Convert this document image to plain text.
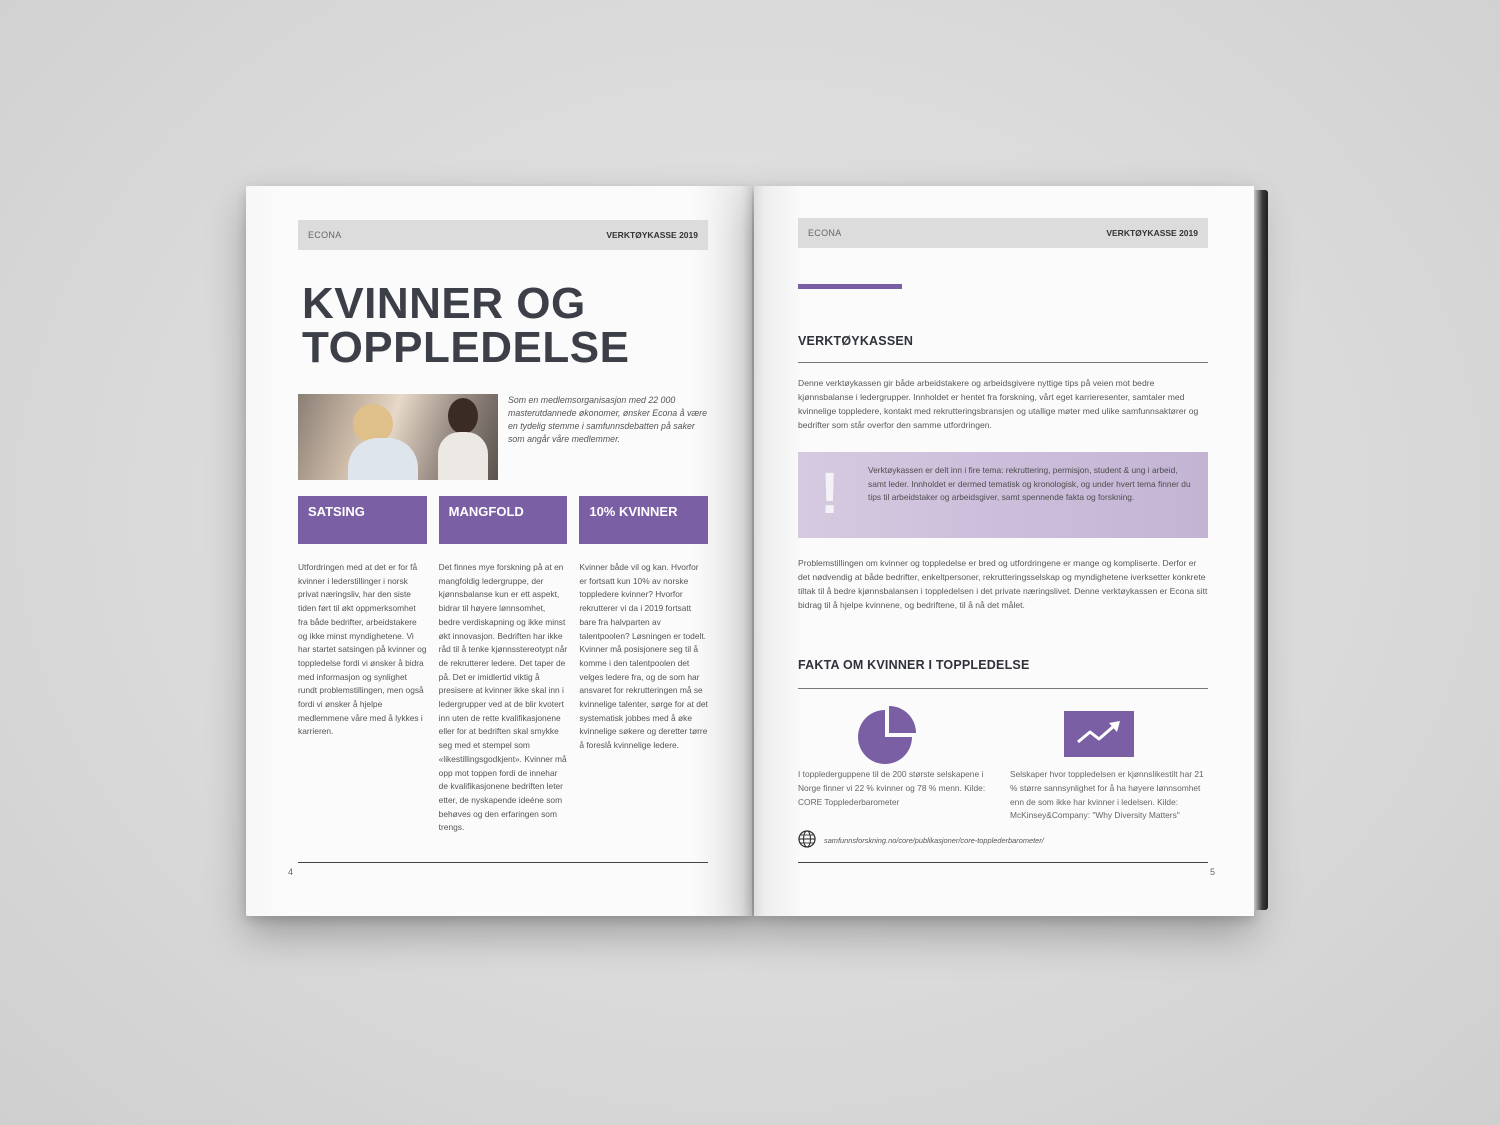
ECONA	VERKTØYKASSE 2019
KVINNER OG
TOPPLEDELSE

Som en medlemsorganisasjon med 22 000 masterutdannede økonomer, ønsker Econa å være en tydelig stemme i samfunnsdebatten på saker som angår våre medlemmer.

SATSING	MANGFOLD	10% KVINNER

Utfordringen med at det er for få kvinner i lederstillinger i norsk privat næringsliv, har den siste tiden ført til økt oppmerksomhet fra både bedrifter, arbeidstakere og ikke minst myndighetene. Vi har startet satsingen på kvinner og toppledelse fordi vi ønsker å bidra med informasjon og synlighet rundt problemstillingen, men også fordi vi ønsker å hjelpe medlemmene våre med å lykkes i karrieren.

Det finnes mye forskning på at en mangfoldig ledergruppe, der kjønnsbalanse kun er ett aspekt, bidrar til høyere lønnsomhet, bedre verdiskapning og ikke minst økt innovasjon. Bedriften har ikke råd til å tenke kjønnsstereotypt når de rekrutterer ledere. Det taper de på. Det er imidlertid viktig å presisere at kvinner ikke skal inn i ledergrupper ved at de blir kvotert inn uten de rette kvalifikasjonene eller for at bedriften skal smykke seg med et stempel som «likestillingsgodkjent». Kvinner må opp mot toppen fordi de innehar de kvalifikasjonene bedriften leter etter, de nyskapende ideéne som behøves og den erfaringen som trengs.

Kvinner både vil og kan. Hvorfor er fortsatt kun 10% av norske toppledere kvinner? Hvorfor rekrutterer vi da i 2019 fortsatt bare fra halvparten av talentpoolen? Løsningen er todelt. Kvinner må posisjonere seg til å komme i den talentpoolen det velges ledere fra, og de som har ansvaret for rekrutteringen må se kvinnelige talenter, sørge for at det systematisk jobbes med å øke kvinnelige søkere og deretter tørre å foreslå kvinnelige ledere.

4
ECONA	VERKTØYKASSE 2019
VERKTØYKASSEN

Denne verktøykassen gir både arbeidstakere og arbeidsgivere nyttige tips på veien mot bedre kjønnsbalanse i ledergrupper. Innholdet er hentet fra forskning, vårt eget karrieresenter, samtaler med kvinnelige toppledere, kontakt med rekrutteringsbransjen og utallige møter med ulike samfunnsaktører og bedrifter som står overfor den samme utfordringen.

!	Verktøykassen er delt inn i fire tema: rekruttering, permisjon, student & ung i arbeid, samt leder. Innholdet er dermed tematisk og kronologisk, og under hvert tema finner du tips til arbeidstaker og arbeidsgiver, samt spennende fakta og forskning.

Problemstillingen om kvinner og toppledelse er bred og utfordringene er mange og kompliserte. Derfor er det nødvendig at både bedrifter, enkeltpersoner, rekrutteringsselskap og myndighetene iverksetter konkrete tiltak til å bedre kjønnsbalansen i toppledelsen i det private næringslivet. Denne verktøykassen er Econa sitt bidrag til å hjelpe kvinnene, og bedriftene, til å nå det målet.

FAKTA OM KVINNER I TOPPLEDELSE

I topplederguppene til de 200 største selskapene i Norge finner vi 22 % kvinner og 78 % menn. Kilde: CORE Topplederbarometer

Selskaper hvor toppledelsen er kjønnslikestilt har 21 % større sannsynlighet for å ha høyere lønnsomhet enn de som ikke har kvinner i ledelsen. Kilde: McKinsey&Company: "Why Diversity Matters"

samfunnsforskning.no/core/publikasjoner/core-topplederbarometer/
5
